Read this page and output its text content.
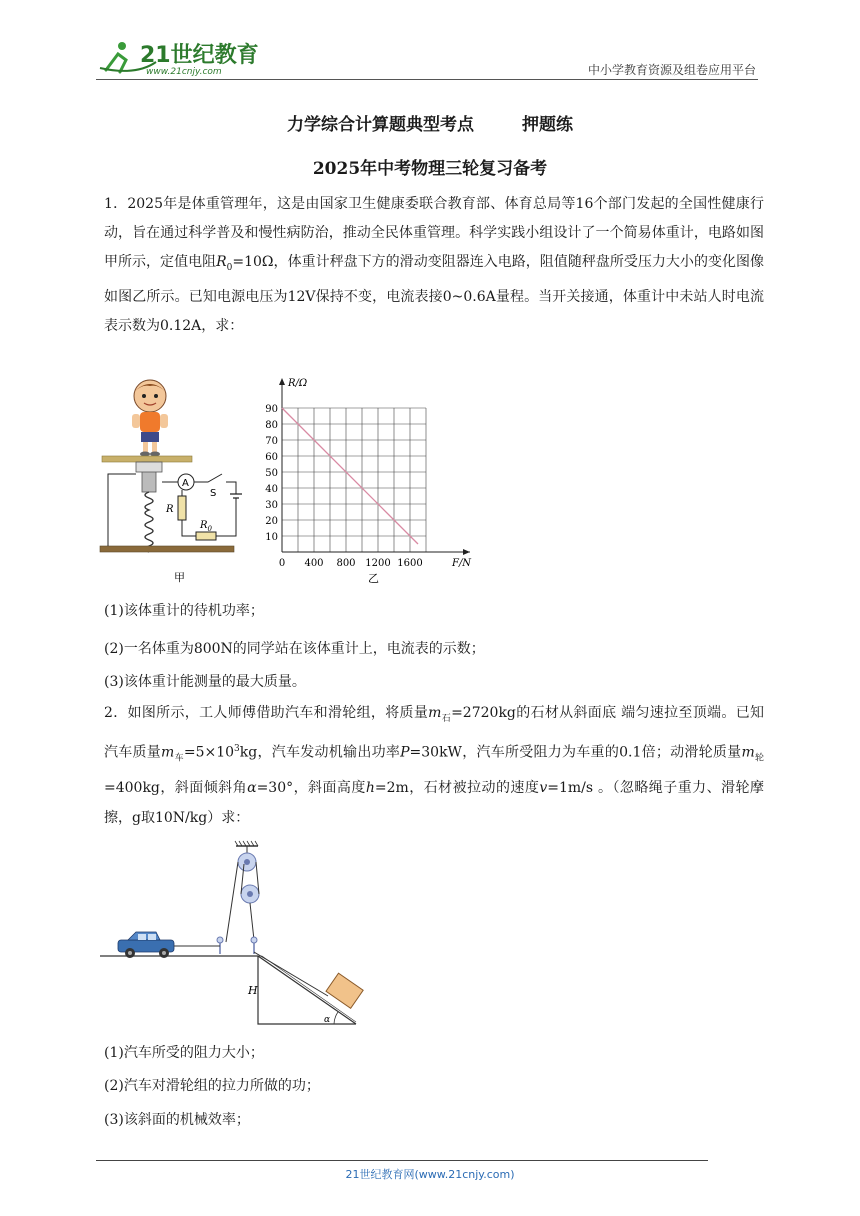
21世纪教育
www.21cnjy.com	中小学教育资源及组卷应用平台
力学综合计算题典型考点	押题练
2025年中考物理三轮复习备考
1．2025年是体重管理年，这是由国家卫生健康委联合教育部、体育总局等16个部门发起的全国性健康行动，旨在通过科学普及和慢性病防治，推动全民体重管理。科学实践小组设计了一个简易体重计，电路如图甲所示，定值电阻$R_0=10\Omega$，体重计秤盘下方的滑动变阻器连入电路，阻值随秤盘所受压力大小的变化图像如图乙所示。已知电源电压为12V保持不变，电流表接0~0.6A量程。当开关接通，体重计中未站人时电流表示数为0.12A，求：
A
S
R
$R_0$
甲
10
20
30
40
50
60
70
80
90
0 400 800 1200 1600
R/Ω
F/N
乙
(1)该体重计的待机功率；
(2)一名体重为800N的同学站在该体重计上，电流表的示数；
(3)该体重计能测量的最大质量。
2．如图所示，工人师傅借助汽车和滑轮组，将质量$m_石=2720kg$的石材从斜面底 端匀速拉至顶端。已知汽车质量$m_车=5\times 10^3kg$，汽车发动机输出功率P=30kW，汽车所受阻力为车重的0.1倍；动滑轮质量$m_轮=400kg$，斜面倾斜角α=30°，斜面高度h=2m，石材被拉动的速度v=1m/s 。（忽略绳子重力、滑轮摩擦，g取10N/kg）求：
H
α
(1)汽车所受的阻力大小；
(2)汽车对滑轮组的拉力所做的功；
(3)该斜面的机械效率；
21世纪教育网(www.21cnjy.com)
